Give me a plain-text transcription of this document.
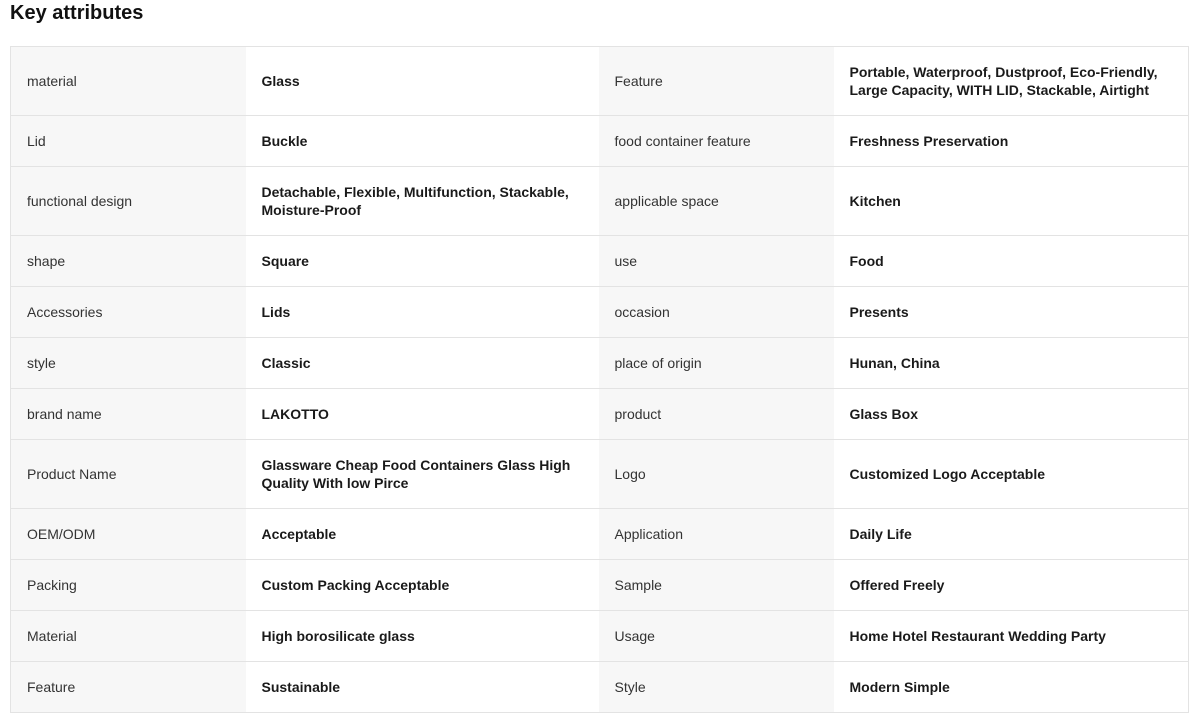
Key attributes
material	Glass	Feature	Portable, Waterproof, Dustproof, Eco-Friendly, Large Capacity, WITH LID, Stackable, Airtight
Lid	Buckle	food container feature	Freshness Preservation
functional design	Detachable, Flexible, Multifunction, Stackable, Moisture-Proof	applicable space	Kitchen
shape	Square	use	Food
Accessories	Lids	occasion	Presents
style	Classic	place of origin	Hunan, China
brand name	LAKOTTO	product	Glass Box
Product Name	Glassware Cheap Food Containers Glass High Quality With low Pirce	Logo	Customized Logo Acceptable
OEM/ODM	Acceptable	Application	Daily Life
Packing	Custom Packing Acceptable	Sample	Offered Freely
Material	High borosilicate glass	Usage	Home Hotel Restaurant Wedding Party
Feature	Sustainable	Style	Modern Simple
